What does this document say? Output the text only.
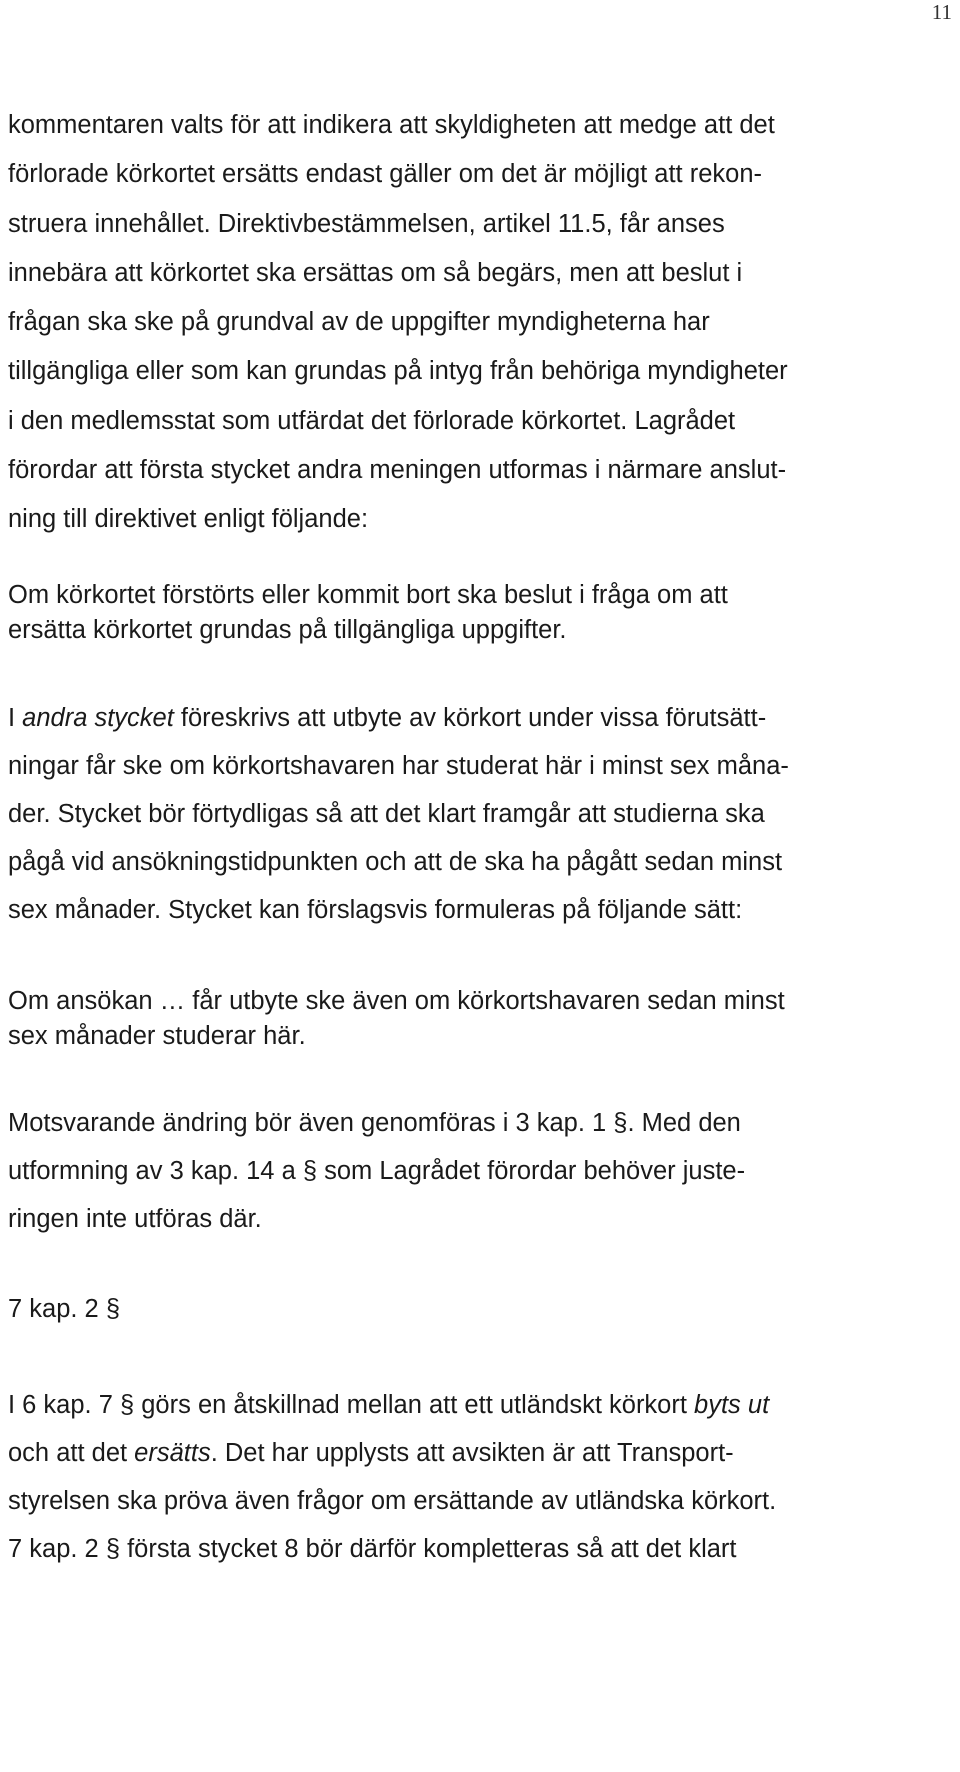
11
kommentaren valts för att indikera att skyldigheten att medge att det
förlorade körkortet ersätts endast gäller om det är möjligt att rekon-
struera innehållet. Direktivbestämmelsen, artikel 11.5, får anses
innebära att körkortet ska ersättas om så begärs, men att beslut i
frågan ska ske på grundval av de uppgifter myndigheterna har
tillgängliga eller som kan grundas på intyg från behöriga myndigheter
i den medlemsstat som utfärdat det förlorade körkortet. Lagrådet
förordar att första stycket andra meningen utformas i närmare anslut-
ning till direktivet enligt följande:
Om körkortet förstörts eller kommit bort ska beslut i fråga om att
ersätta körkortet grundas på tillgängliga uppgifter.
I andra stycket föreskrivs att utbyte av körkort under vissa förutsätt-
ningar får ske om körkortshavaren har studerat här i minst sex måna-
der. Stycket bör förtydligas så att det klart framgår att studierna ska
pågå vid ansökningstidpunkten och att de ska ha pågått sedan minst
sex månader. Stycket kan förslagsvis formuleras på följande sätt:
Om ansökan … får utbyte ske även om körkortshavaren sedan minst
sex månader studerar här.
Motsvarande ändring bör även genomföras i 3 kap. 1 §. Med den
utformning av 3 kap. 14 a § som Lagrådet förordar behöver juste-
ringen inte utföras där.
7 kap. 2 §
I 6 kap. 7 § görs en åtskillnad mellan att ett utländskt körkort byts ut
och att det ersätts. Det har upplysts att avsikten är att Transport-
styrelsen ska pröva även frågor om ersättande av utländska körkort.
7 kap. 2 § första stycket 8 bör därför kompletteras så att det klart
